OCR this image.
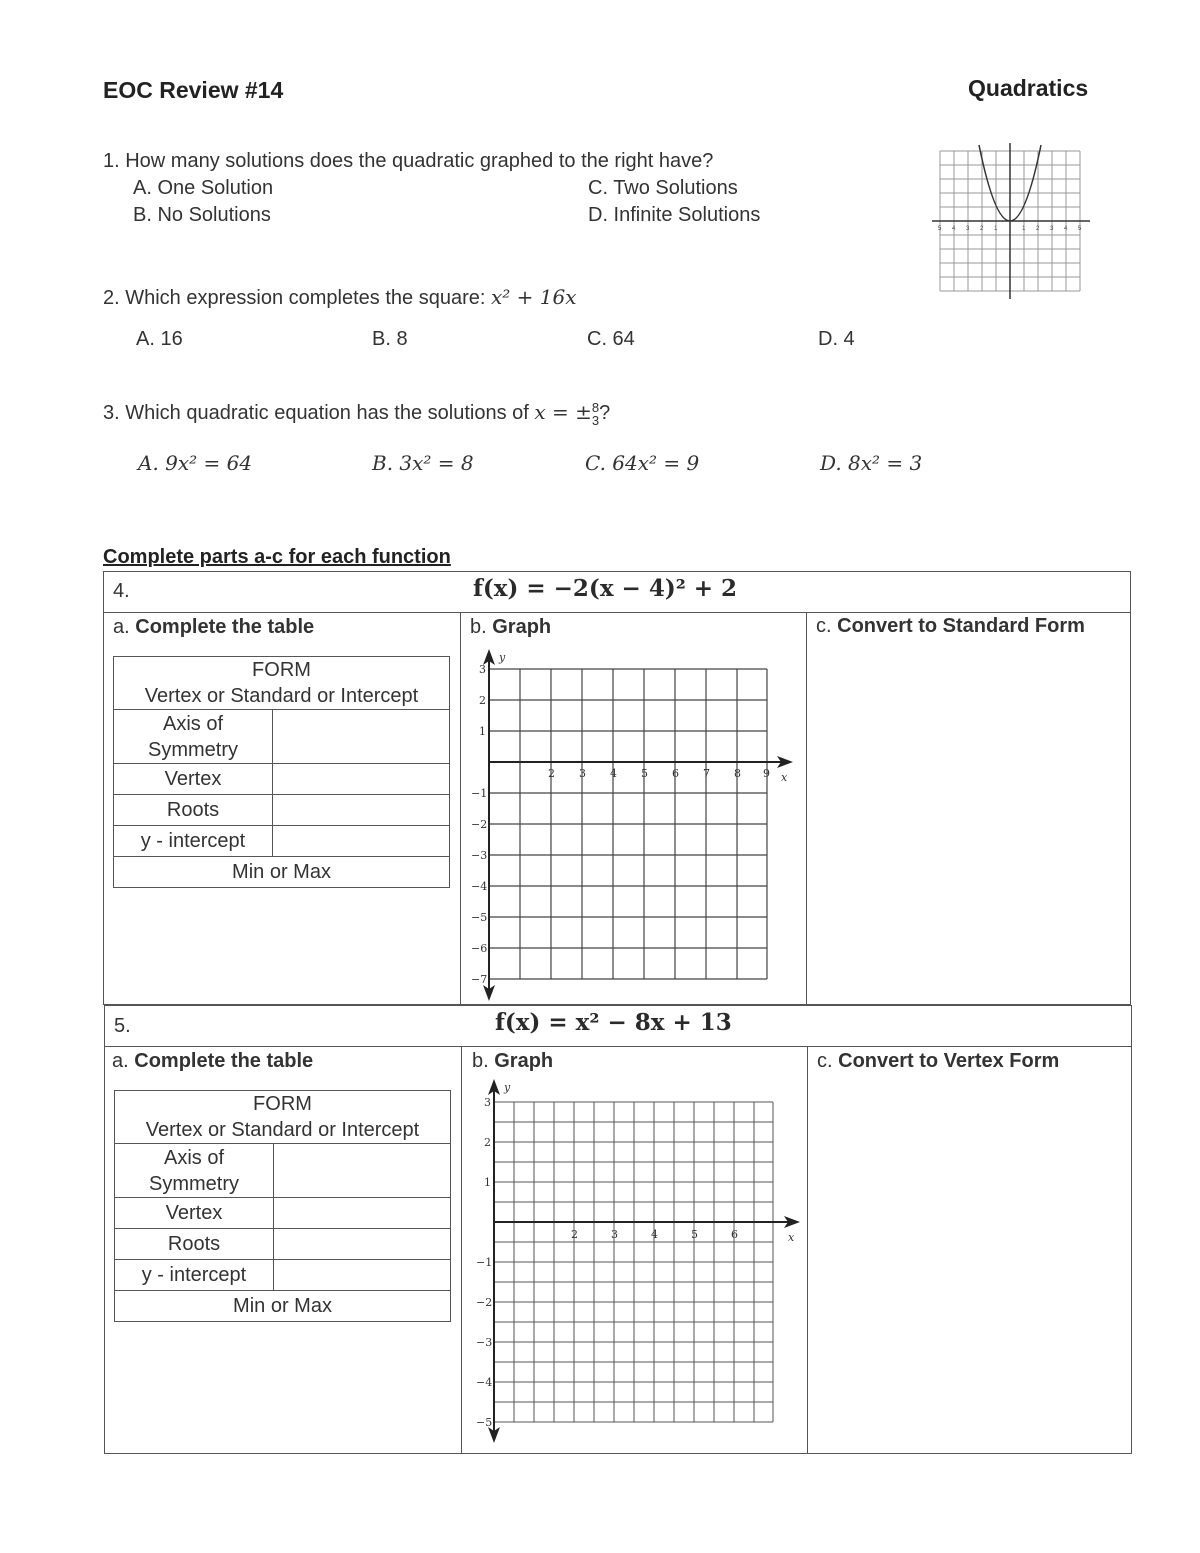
EOC Review #14	Quadratics
1. How many solutions does the quadratic graphed to the right have?
A. One Solution
B. No Solutions
C. Two Solutions
D. Infinite Solutions
5 4 3 2 1	1 2 3 4 5
2. Which expression completes the square: x² + 16x
A. 16	B. 8	C. 64	D. 4
3. Which quadratic equation has the solutions of x = ±8
3?
A. 9x² = 64	B. 3x² = 8	C. 64x² = 9	D. 8x² = 3
Complete parts a-c for each function
4.	f(x) = −2(x − 4)² + 2
a. Complete the table	b. Graph	c. Convert to Standard Form
FORM
Vertex or Standard or Intercept	
Axis of Symmetry	
Vertex	
Roots	
y - intercept	
Min or Max	
y
x
2 3 4 5 6 7 8 9
3
2
1
−1
−2
−3
−4
−5
−6
−7
5.	f(x) = x² − 8x + 13
a. Complete the table	b. Graph	c. Convert to Vertex Form
FORM
Vertex or Standard or Intercept	
Axis of Symmetry	
Vertex	
Roots	
y - intercept	
Min or Max	
y
x
2	3	4	5	6
3
2
1
−1
−2
−3
−4
−5
